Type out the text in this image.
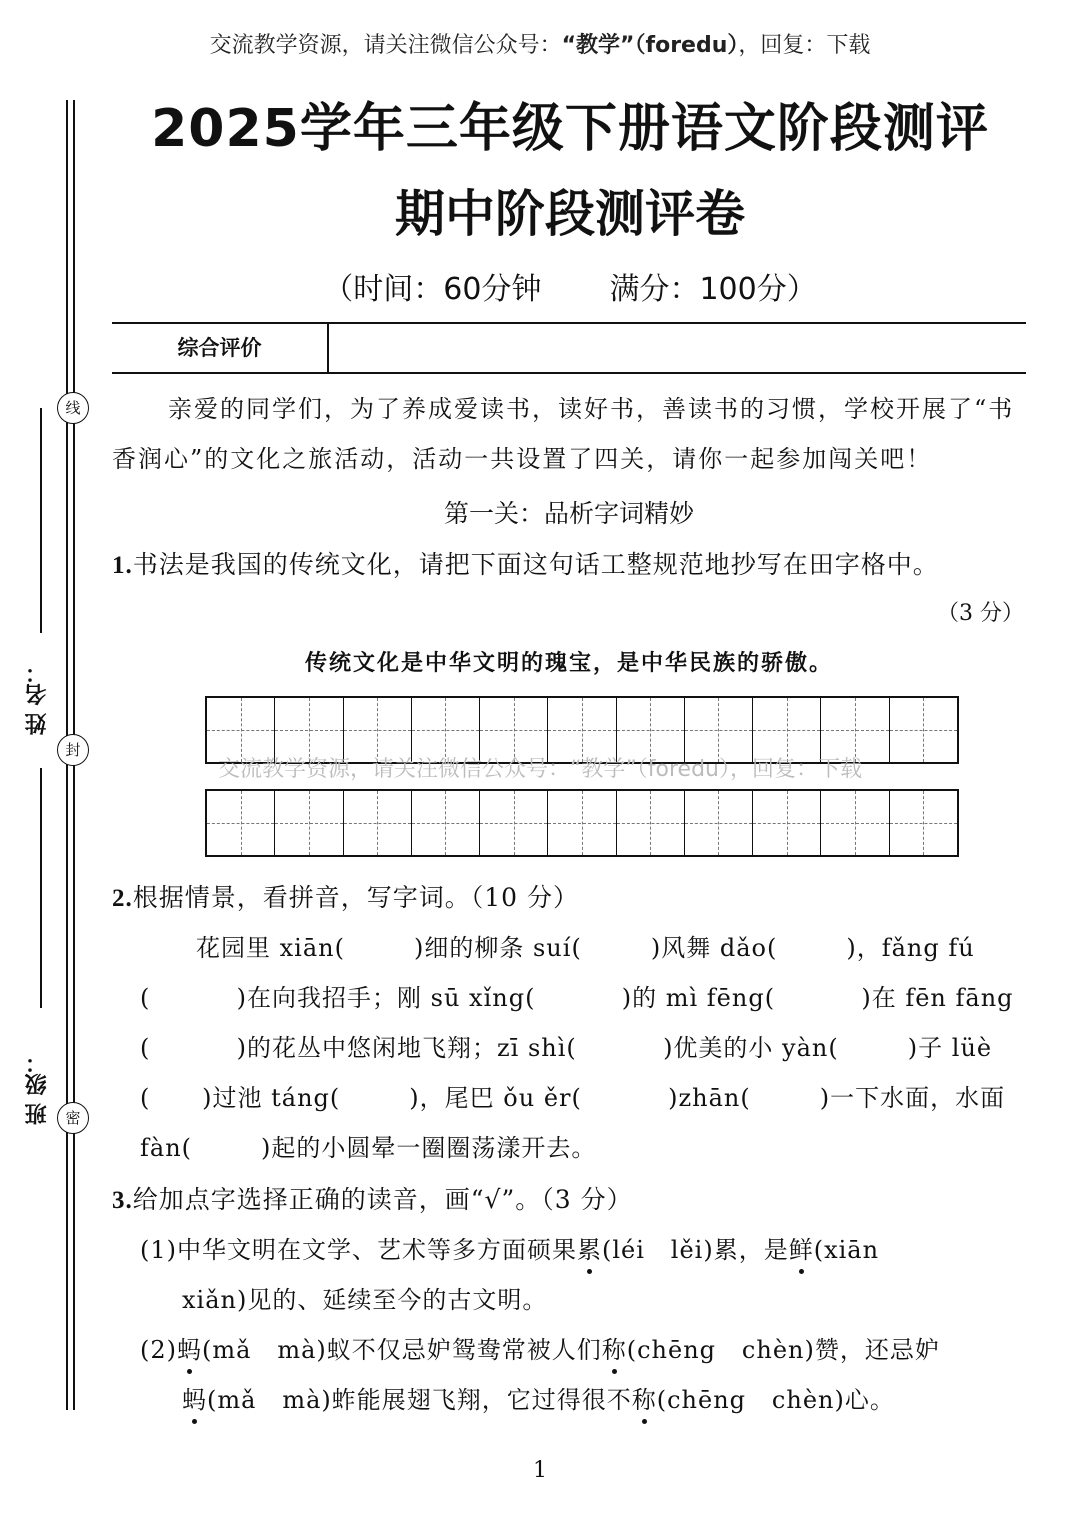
交流教学资源，请关注微信公众号：“教学”（foredu），回复：下载
线
封
密
姓 名：
班 级：
2025学年三年级下册语文阶段测评
期中阶段测评卷
（时间：60分钟 满分：100分）
综合评价
亲爱的同学们，为了养成爱读书，读好书，善读书的习惯，学校开展了“书香润心”的文化之旅活动，活动一共设置了四关，请你一起参加闯关吧！
第一关：品析字词精妙
1.书法是我国的传统文化，请把下面这句话工整规范地抄写在田字格中。
（3 分）
传统文化是中华文明的瑰宝，是中华民族的骄傲。
交流教学资源，请关注微信公众号：“教学”（foredu），回复：下载
2.根据情景，看拼音，写字词。（10 分）
花园里 xiān(        )细的柳条 suí(        )风舞 dǎo(        )，fǎng fú
(          )在向我招手；刚 sū xǐng(          )的 mì fēng(          )在 fēn fāng
(          )的花丛中悠闲地飞翔；zī shì(          )优美的小 yàn(        )子 lüè
(      )过池 táng(        )，尾巴 ǒu ěr(          )zhān(        )一下水面，水面
fàn(        )起的小圆晕一圈圈荡漾开去。
3.给加点字选择正确的读音，画“√”。（3 分）
(1)中华文明在文学、艺术等多方面硕果累(léi   lěi)累，是鲜(xiān
xiǎn)见的、延续至今的古文明。
(2)蚂(mǎ   mà)蚁不仅忌妒鸳鸯常被人们称(chēng   chèn)赞，还忌妒
蚂(mǎ   mà)蚱能展翅飞翔，它过得很不称(chēng   chèn)心。
1
